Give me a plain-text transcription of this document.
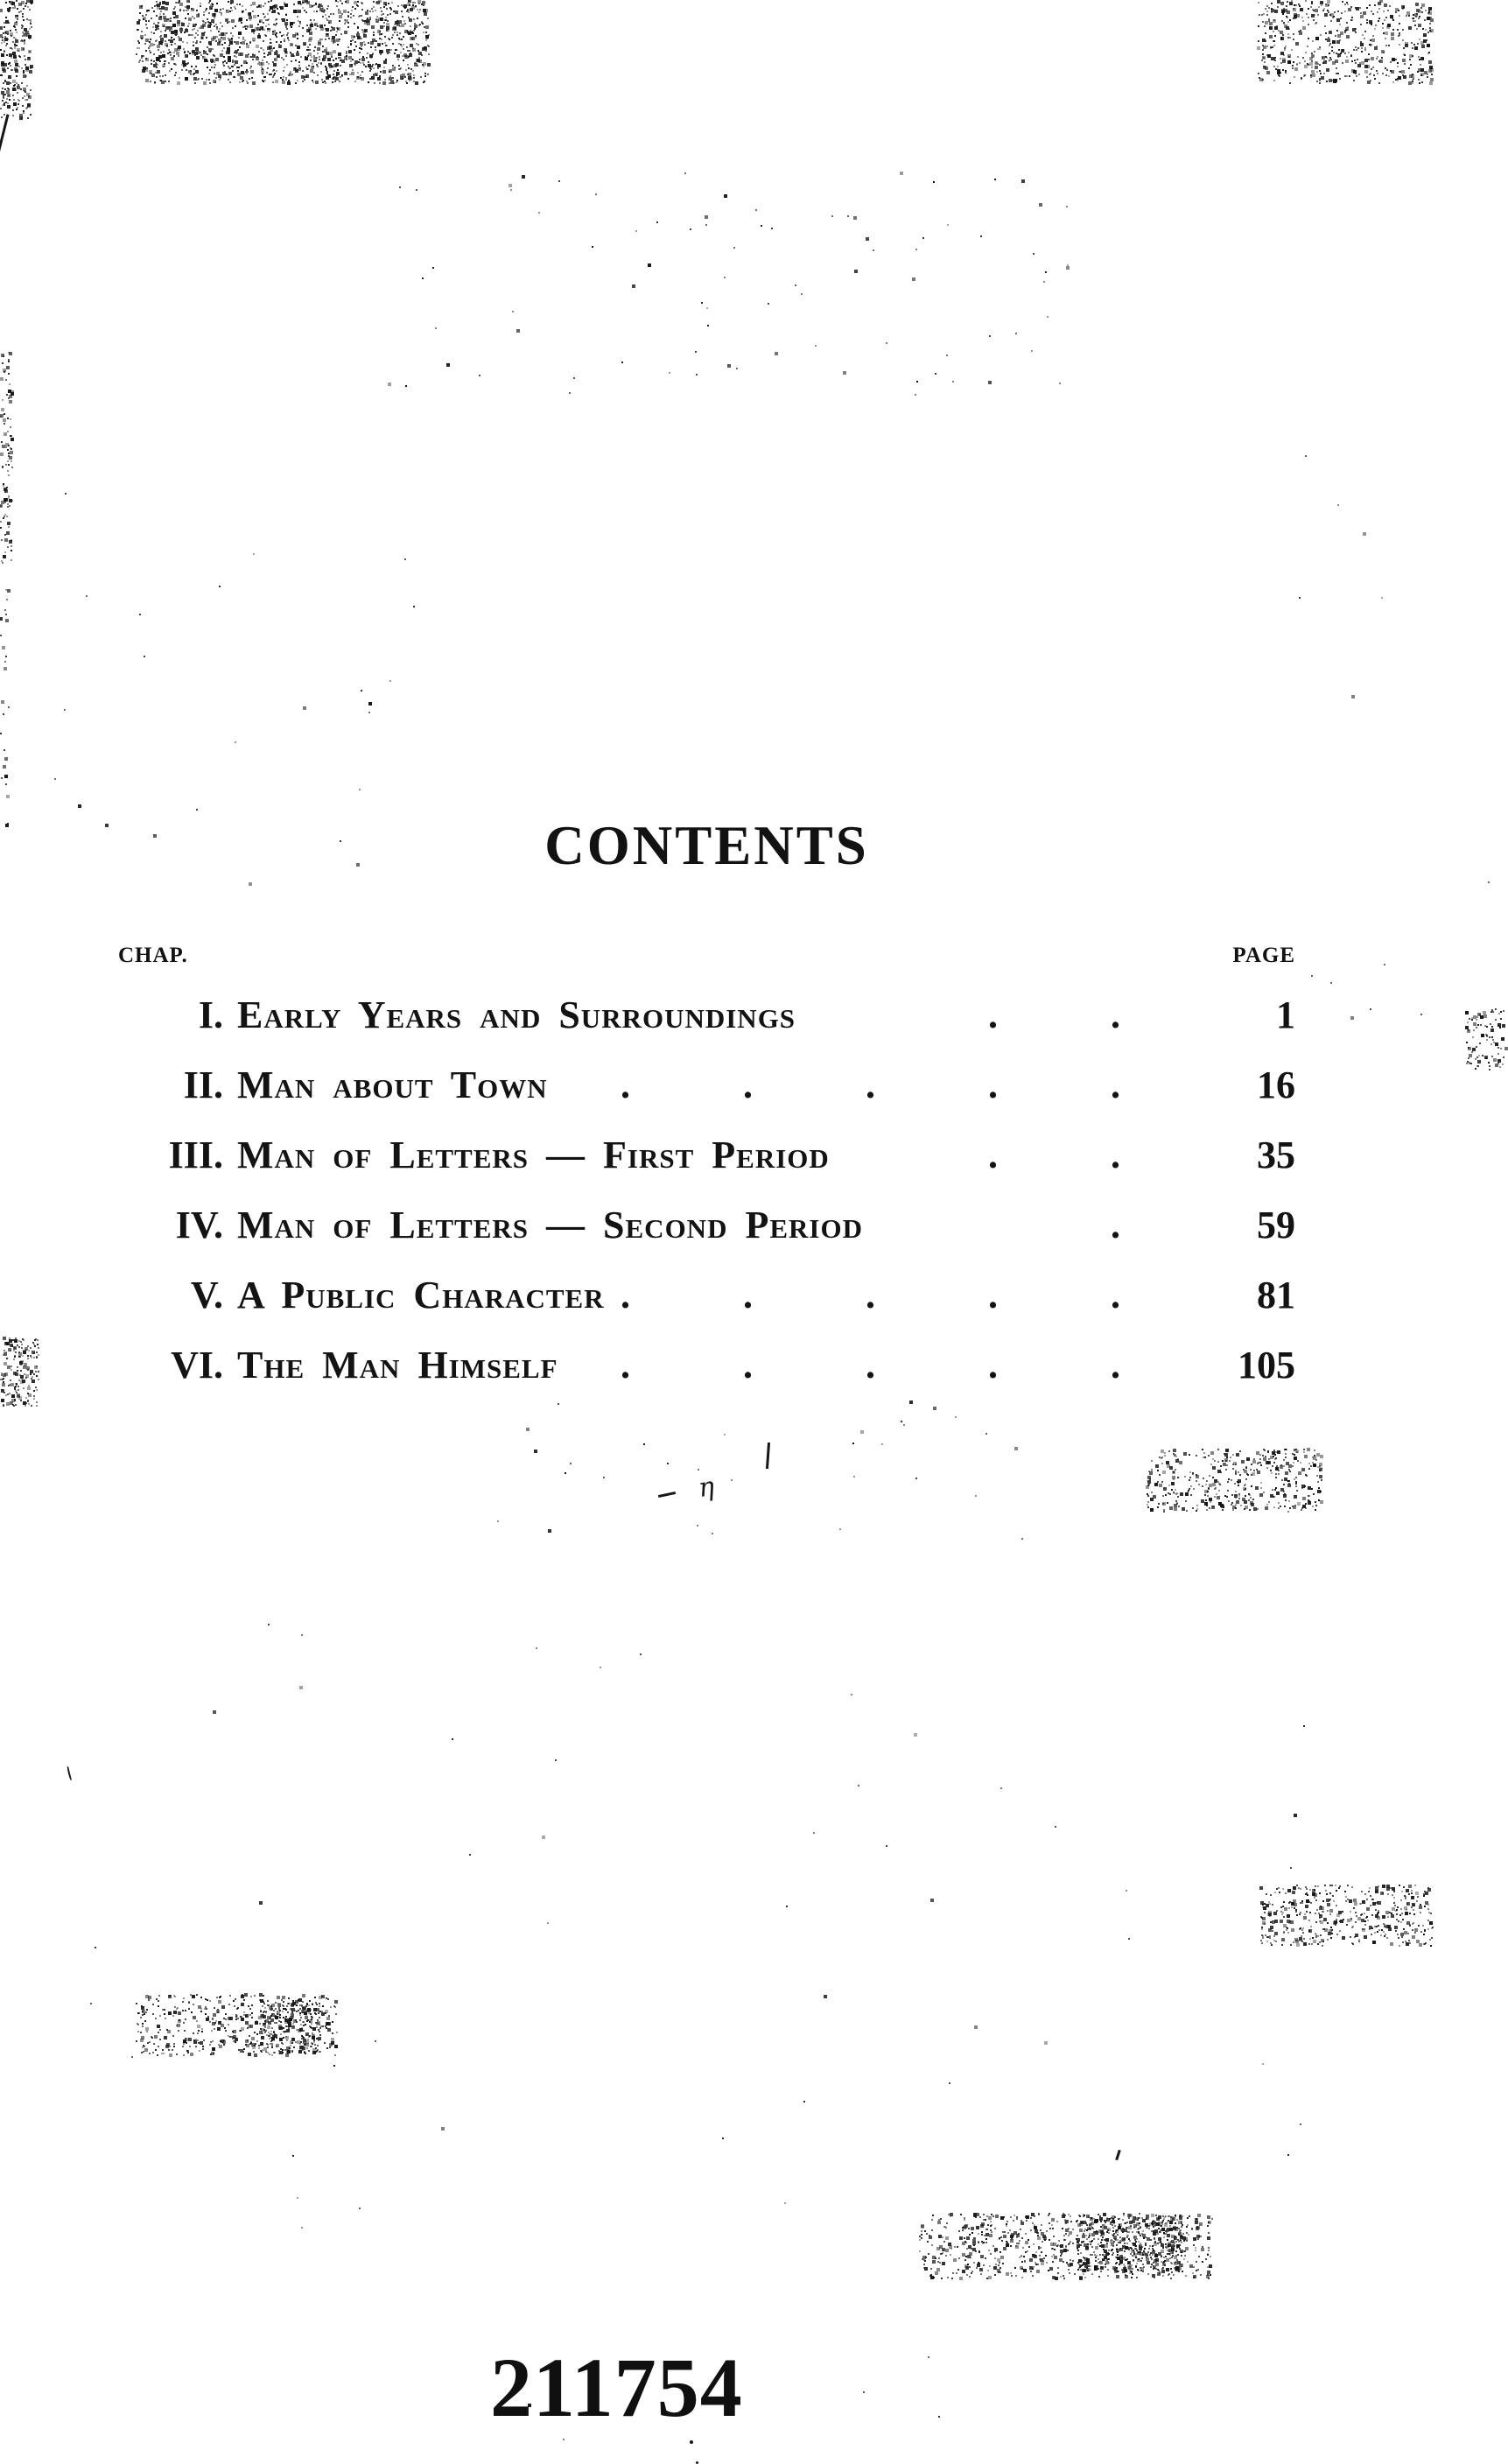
η
CONTENTS
CHAP.	PAGE
I. Early Years and Surroundings	. .	1
II. Man about Town	. . . . .	16
III. Man of Letters — First Period	. .	35
IV. Man of Letters — Second Period	.	59
V. A Public Character . . . . .	81
VI. The Man Himself	. . . . .	105
211754
